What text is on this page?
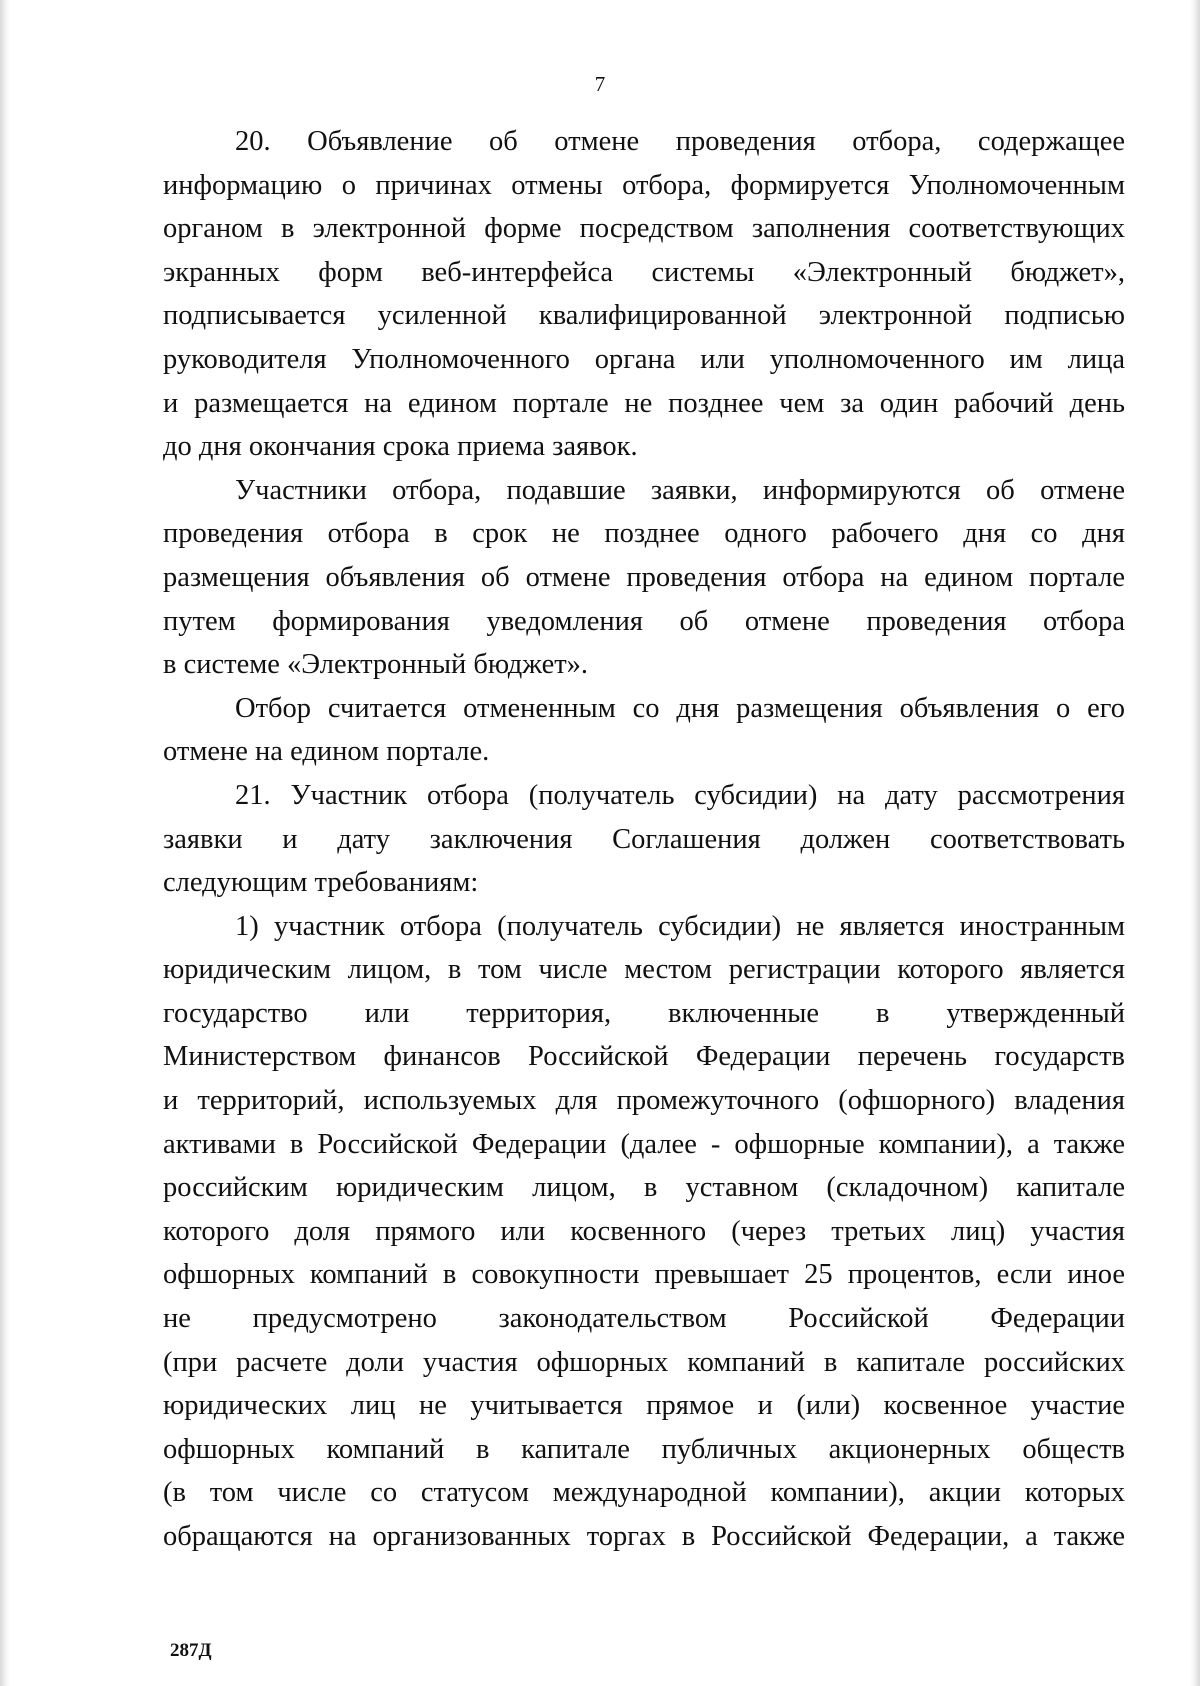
7
20. Объявление об отмене проведения отбора, содержащее
информацию о причинах отмены отбора, формируется Уполномоченным
органом в электронной форме посредством заполнения соответствующих
экранных форм веб-интерфейса системы «Электронный бюджет»,
подписывается усиленной квалифицированной электронной подписью
руководителя Уполномоченного органа или уполномоченного им лица
и размещается на едином портале не позднее чем за один рабочий день
до дня окончания срока приема заявок.
Участники отбора, подавшие заявки, информируются об отмене
проведения отбора в срок не позднее одного рабочего дня со дня
размещения объявления об отмене проведения отбора на едином портале
путем формирования уведомления об отмене проведения отбора
в системе «Электронный бюджет».
Отбор считается отмененным со дня размещения объявления о его
отмене на едином портале.
21. Участник отбора (получатель субсидии) на дату рассмотрения
заявки и дату заключения Соглашения должен соответствовать
следующим требованиям:
1) участник отбора (получатель субсидии) не является иностранным
юридическим лицом, в том числе местом регистрации которого является
государство или территория, включенные в утвержденный
Министерством финансов Российской Федерации перечень государств
и территорий, используемых для промежуточного (офшорного) владения
активами в Российской Федерации (далее - офшорные компании), а также
российским юридическим лицом, в уставном (складочном) капитале
которого доля прямого или косвенного (через третьих лиц) участия
офшорных компаний в совокупности превышает 25 процентов, если иное
не предусмотрено законодательством Российской Федерации
(при расчете доли участия офшорных компаний в капитале российских
юридических лиц не учитывается прямое и (или) косвенное участие
офшорных компаний в капитале публичных акционерных обществ
(в том числе со статусом международной компании), акции которых
обращаются на организованных торгах в Российской Федерации, а также
287Д
